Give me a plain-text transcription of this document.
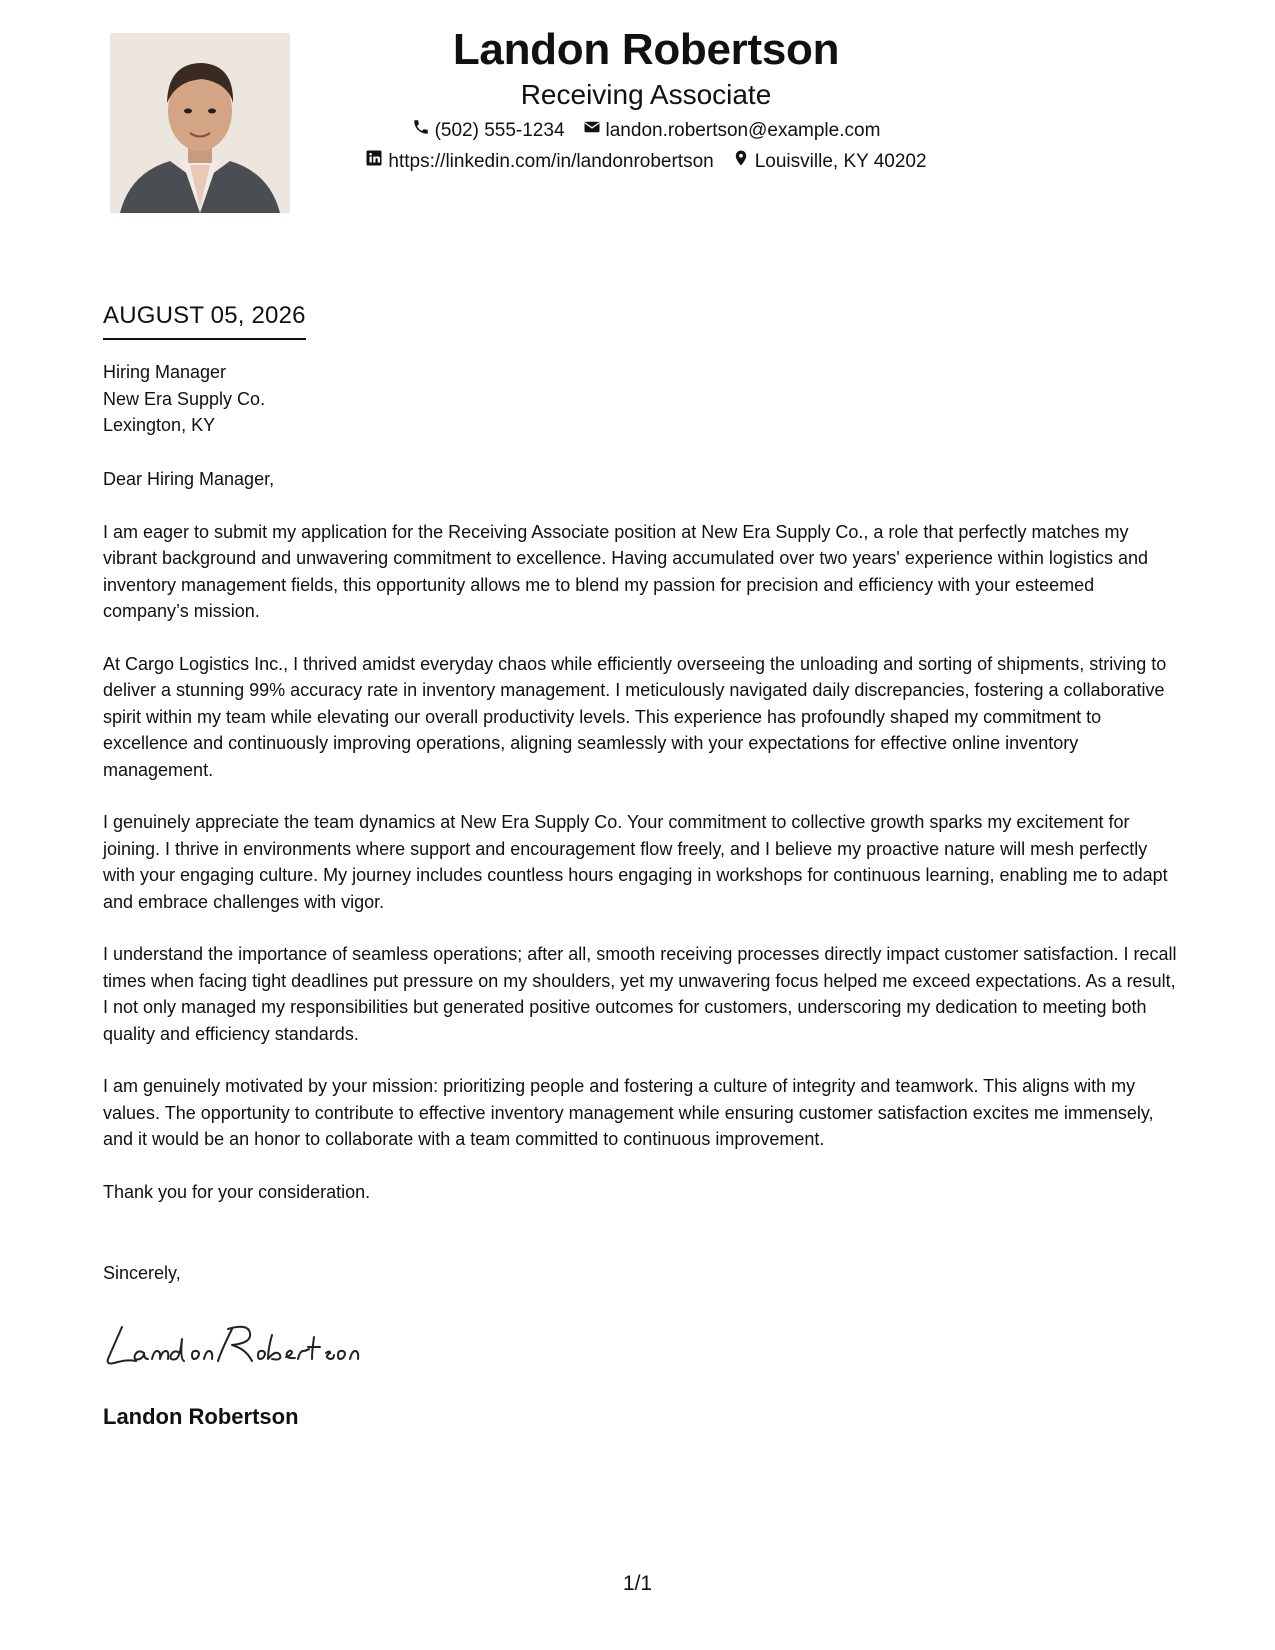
Landon Robertson
Receiving Associate
(502) 555-1234 landon.robertson@example.com
https://linkedin.com/in/landonrobertson Louisville, KY 40202
AUGUST 05, 2026
Hiring Manager
New Era Supply Co.
Lexington, KY

Dear Hiring Manager,

I am eager to submit my application for the Receiving Associate position at New Era Supply Co., a role that perfectly matches my vibrant background and unwavering commitment to excellence. Having accumulated over two years' experience within logistics and inventory management fields, this opportunity allows me to blend my passion for precision and efficiency with your esteemed company’s mission.

At Cargo Logistics Inc., I thrived amidst everyday chaos while efficiently overseeing the unloading and sorting of shipments, striving to deliver a stunning 99% accuracy rate in inventory management. I meticulously navigated daily discrepancies, fostering a collaborative spirit within my team while elevating our overall productivity levels. This experience has profoundly shaped my commitment to excellence and continuously improving operations, aligning seamlessly with your expectations for effective online inventory management.

I genuinely appreciate the team dynamics at New Era Supply Co. Your commitment to collective growth sparks my excitement for joining. I thrive in environments where support and encouragement flow freely, and I believe my proactive nature will mesh perfectly with your engaging culture. My journey includes countless hours engaging in workshops for continuous learning, enabling me to adapt and embrace challenges with vigor.

I understand the importance of seamless operations; after all, smooth receiving processes directly impact customer satisfaction. I recall times when facing tight deadlines put pressure on my shoulders, yet my unwavering focus helped me exceed expectations. As a result, I not only managed my responsibilities but generated positive outcomes for customers, underscoring my dedication to meeting both quality and efficiency standards.

I am genuinely motivated by your mission: prioritizing people and fostering a culture of integrity and teamwork. This aligns with my values. The opportunity to contribute to effective inventory management while ensuring customer satisfaction excites me immensely, and it would be an honor to collaborate with a team committed to continuous improvement.

Thank you for your consideration.

Sincerely,
Landon Robertson
1/1
